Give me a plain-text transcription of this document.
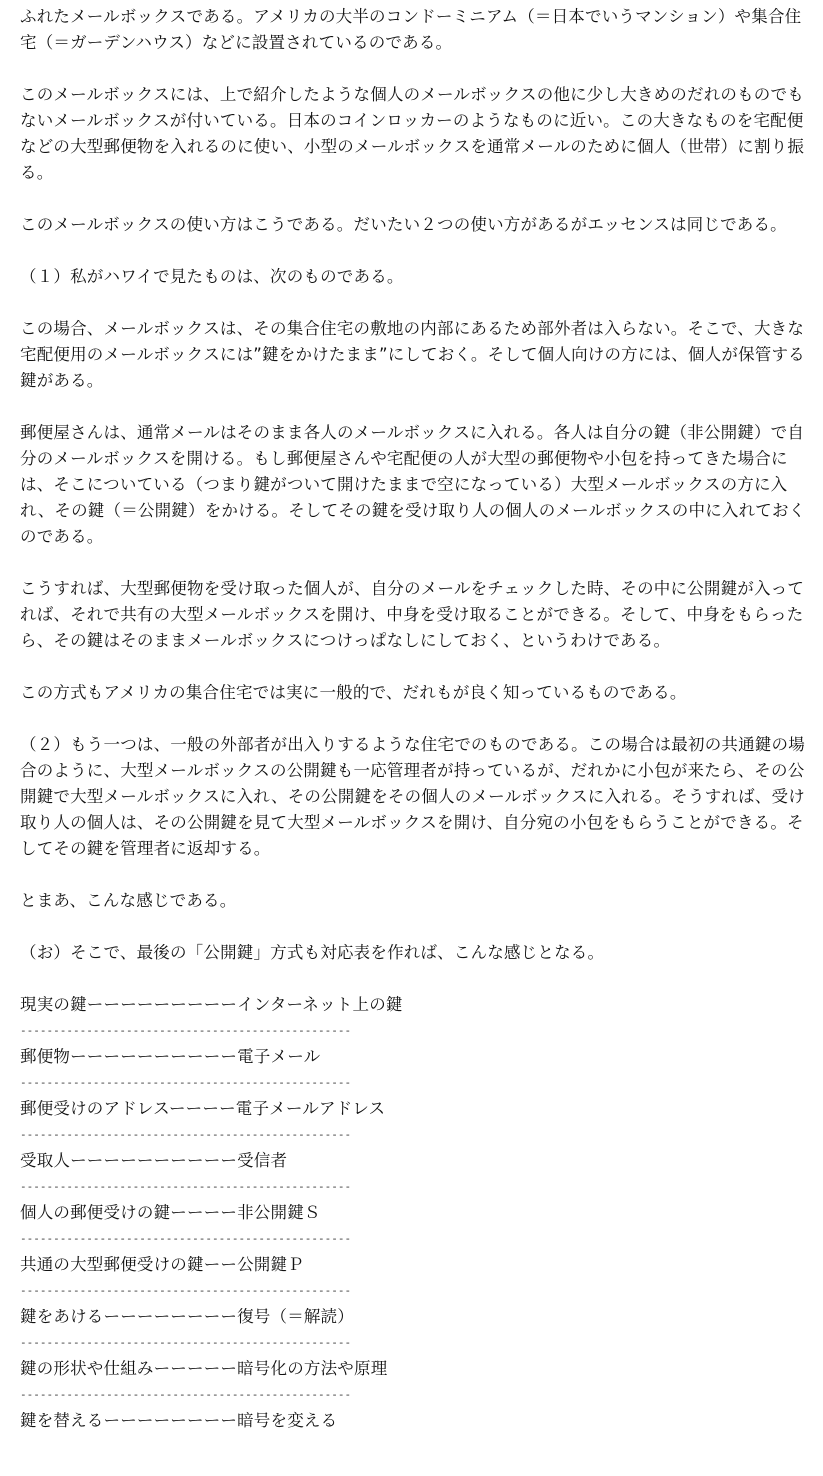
ふれたメールボックスである。アメリカの大半のコンドーミニアム（＝日本でいうマンション）や集合住宅（＝ガーデンハウス）などに設置されているのである。

このメールボックスには、上で紹介したような個人のメールボックスの他に少し大きめのだれのものでもないメールボックスが付いている。日本のコインロッカーのようなものに近い。この大きなものを宅配便などの大型郵便物を入れるのに使い、小型のメールボックスを通常メールのために個人（世帯）に割り振る。

このメールボックスの使い方はこうである。だいたい２つの使い方があるがエッセンスは同じである。

（１）私がハワイで見たものは、次のものである。

この場合、メールボックスは、その集合住宅の敷地の内部にあるため部外者は入らない。そこで、大きな宅配便用のメールボックスには”鍵をかけたまま”にしておく。そして個人向けの方には、個人が保管する鍵がある。

郵便屋さんは、通常メールはそのまま各人のメールボックスに入れる。各人は自分の鍵（非公開鍵）で自分のメールボックスを開ける。もし郵便屋さんや宅配便の人が大型の郵便物や小包を持ってきた場合には、そこについている（つまり鍵がついて開けたままで空になっている）大型メールボックスの方に入れ、その鍵（＝公開鍵）をかける。そしてその鍵を受け取り人の個人のメールボックスの中に入れておくのである。

こうすれば、大型郵便物を受け取った個人が、自分のメールをチェックした時、その中に公開鍵が入ってれば、それで共有の大型メールボックスを開け、中身を受け取ることができる。そして、中身をもらったら、その鍵はそのままメールボックスにつけっぱなしにしておく、というわけである。

この方式もアメリカの集合住宅では実に一般的で、だれもが良く知っているものである。

（２）もう一つは、一般の外部者が出入りするような住宅でのものである。この場合は最初の共通鍵の場合のように、大型メールボックスの公開鍵も一応管理者が持っているが、だれかに小包が来たら、その公開鍵で大型メールボックスに入れ、その公開鍵をその個人のメールボックスに入れる。そうすれば、受け取り人の個人は、その公開鍵を見て大型メールボックスを開け、自分宛の小包をもらうことができる。そしてその鍵を管理者に返却する。

とまあ、こんな感じである。

（お）そこで、最後の「公開鍵」方式も対応表を作れば、こんな感じとなる。

現実の鍵ーーーーーーーーーインターネット上の鍵
--------------------------------------------------
郵便物ーーーーーーーーーー電子メール
--------------------------------------------------
郵便受けのアドレスーーーー電子メールアドレス
--------------------------------------------------
受取人ーーーーーーーーーー受信者
--------------------------------------------------
個人の郵便受けの鍵ーーーー非公開鍵Ｓ
--------------------------------------------------
共通の大型郵便受けの鍵ーー公開鍵Ｐ
--------------------------------------------------
鍵をあけるーーーーーーーー復号（＝解読）
--------------------------------------------------
鍵の形状や仕組みーーーーー暗号化の方法や原理
--------------------------------------------------
鍵を替えるーーーーーーーー暗号を変える
